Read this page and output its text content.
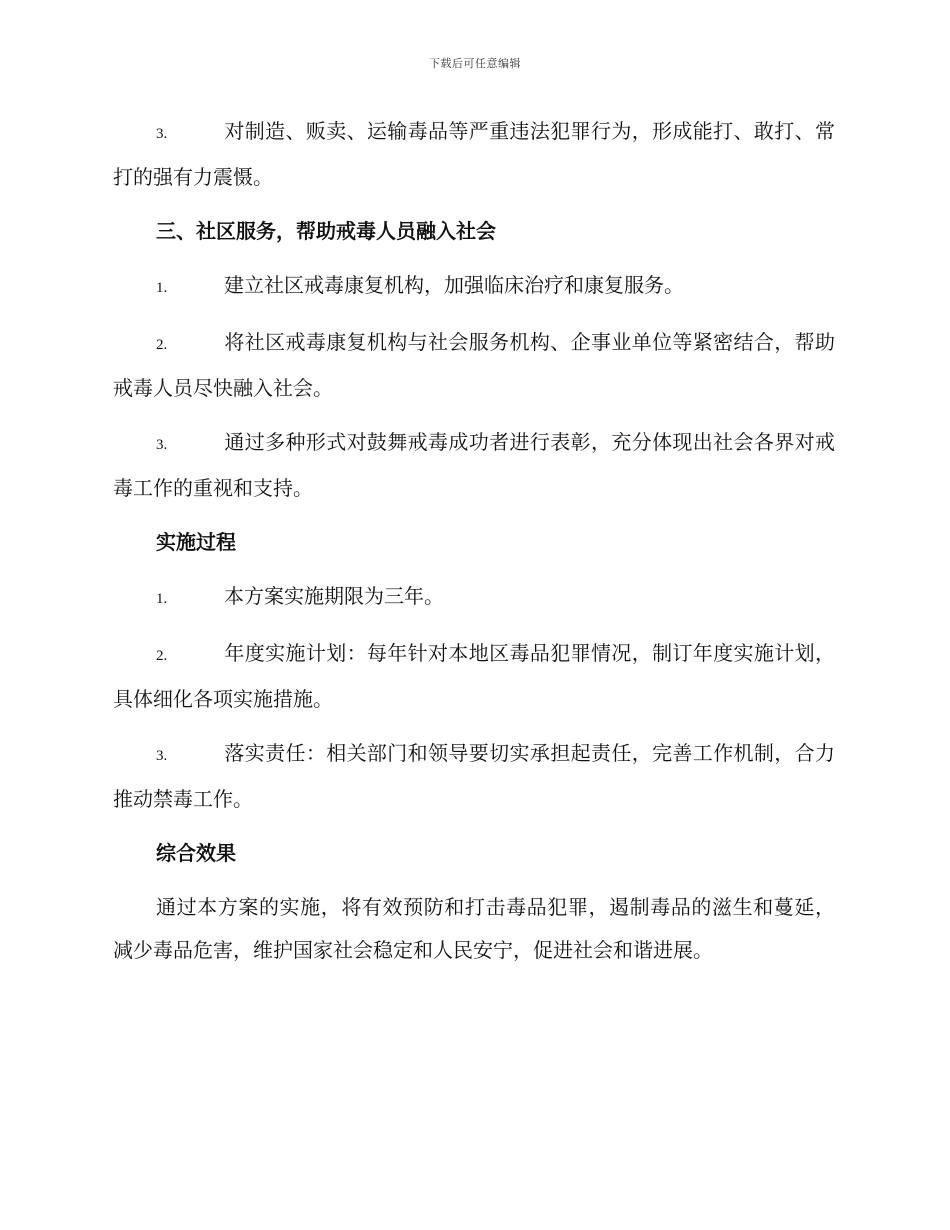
下载后可任意编辑

3.	对制造、贩卖、运输毒品等严重违法犯罪行为，形成能打、敢打、常打的强有力震慑。

三、社区服务，帮助戒毒人员融入社会

1.	建立社区戒毒康复机构，加强临床治疗和康复服务。

2.	将社区戒毒康复机构与社会服务机构、企事业单位等紧密结合，帮助戒毒人员尽快融入社会。

3.	通过多种形式对鼓舞戒毒成功者进行表彰，充分体现出社会各界对戒毒工作的重视和支持。

实施过程

1.	本方案实施期限为三年。

2.	年度实施计划：每年针对本地区毒品犯罪情况，制订年度实施计划，具体细化各项实施措施。

3.	落实责任：相关部门和领导要切实承担起责任，完善工作机制，合力推动禁毒工作。

综合效果

通过本方案的实施，将有效预防和打击毒品犯罪，遏制毒品的滋生和蔓延，减少毒品危害，维护国家社会稳定和人民安宁，促进社会和谐进展。
